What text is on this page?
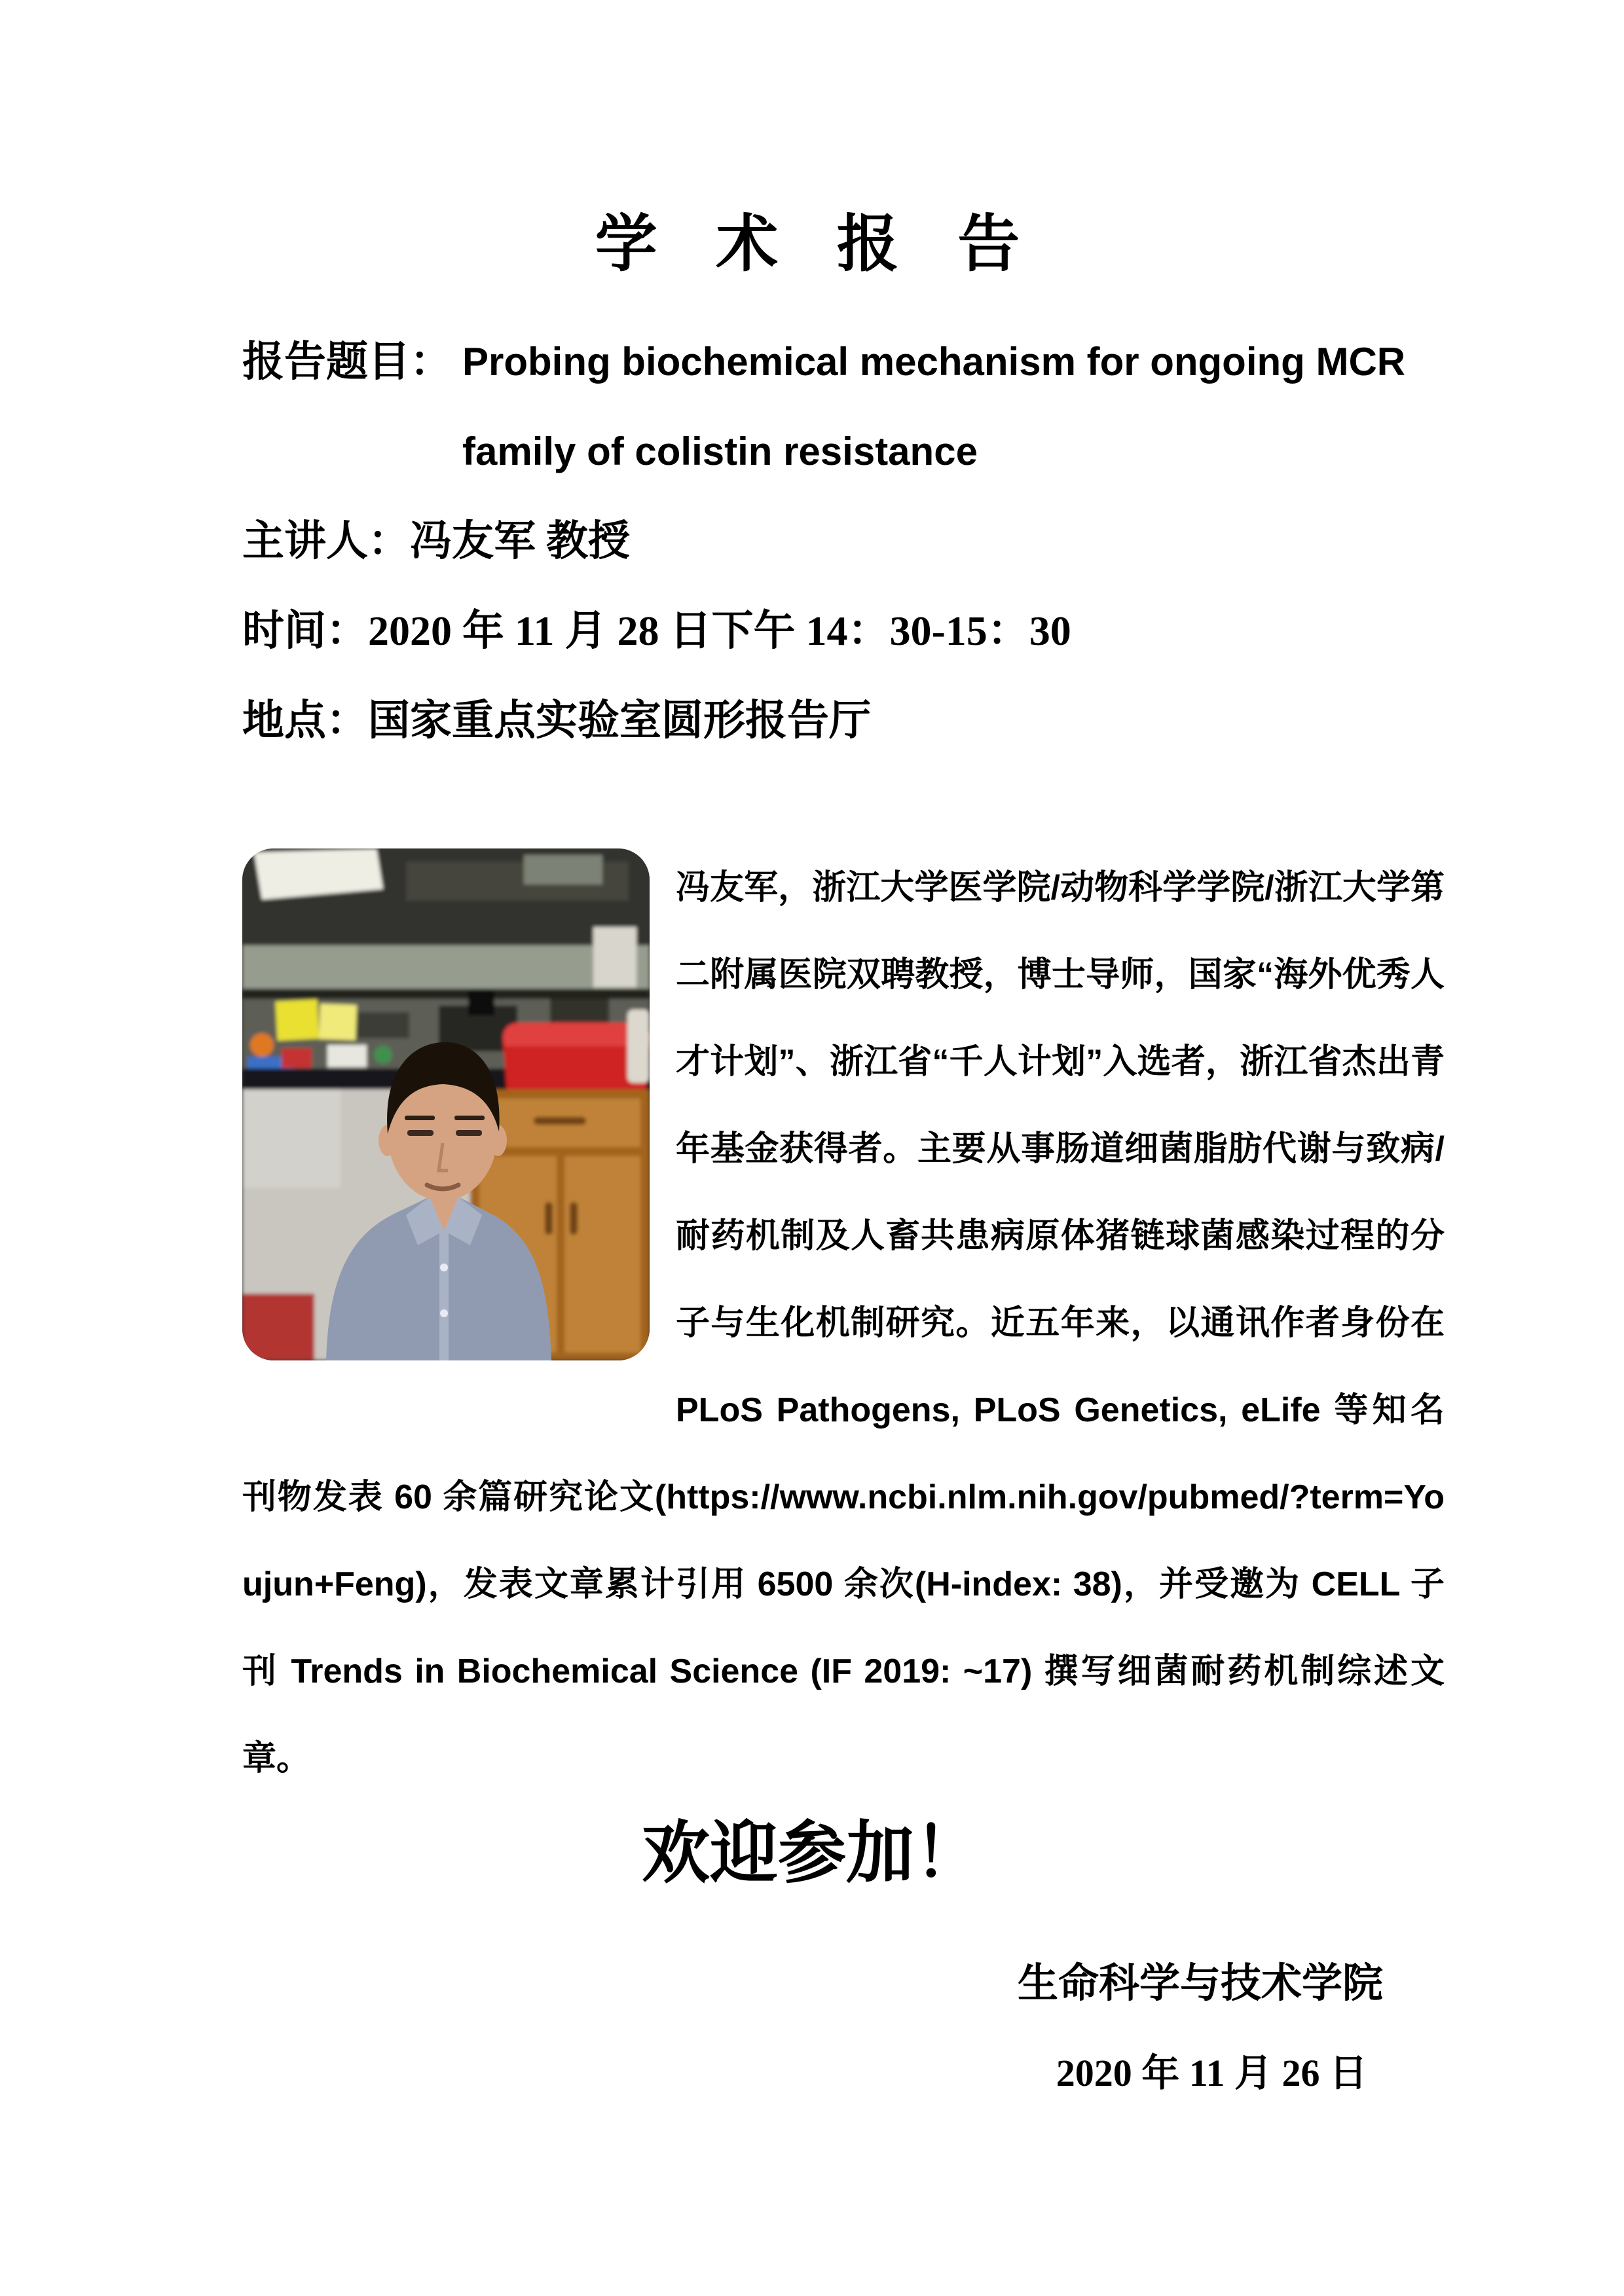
学  术  报  告
报告题目： Probing biochemical mechanism for ongoing MCR
family of colistin resistance
主讲人： 冯友军 教授
时间： 2020 年 11 月 28 日下午 14：30-15：30
地点： 国家重点实验室圆形报告厅
冯友军，浙江大学医学院/动物科学学院/浙江大学第二附属医院双聘教授，博士导师，国家“海外优秀人才计划”、浙江省“千人计划”入选者，浙江省杰出青年基金获得者。主要从事肠道细菌脂肪代谢与致病/耐药机制及人畜共患病原体猪链球菌感染过程的分子与生化机制研究。近五年来，以通讯作者身份在 PLoS Pathogens, PLoS Genetics, eLife 等知名刊物发表 60 余篇研究论文(https://www.ncbi.nlm.nih.gov/pubmed/?term=Youjun+Feng)，发表文章累计引用 6500 余次(H-index: 38)，并受邀为 CELL 子刊 Trends in Biochemical Science (IF 2019: ~17) 撰写细菌耐药机制综述文章。
欢迎参加！
生命科学与技术学院
2020 年 11 月 26 日
